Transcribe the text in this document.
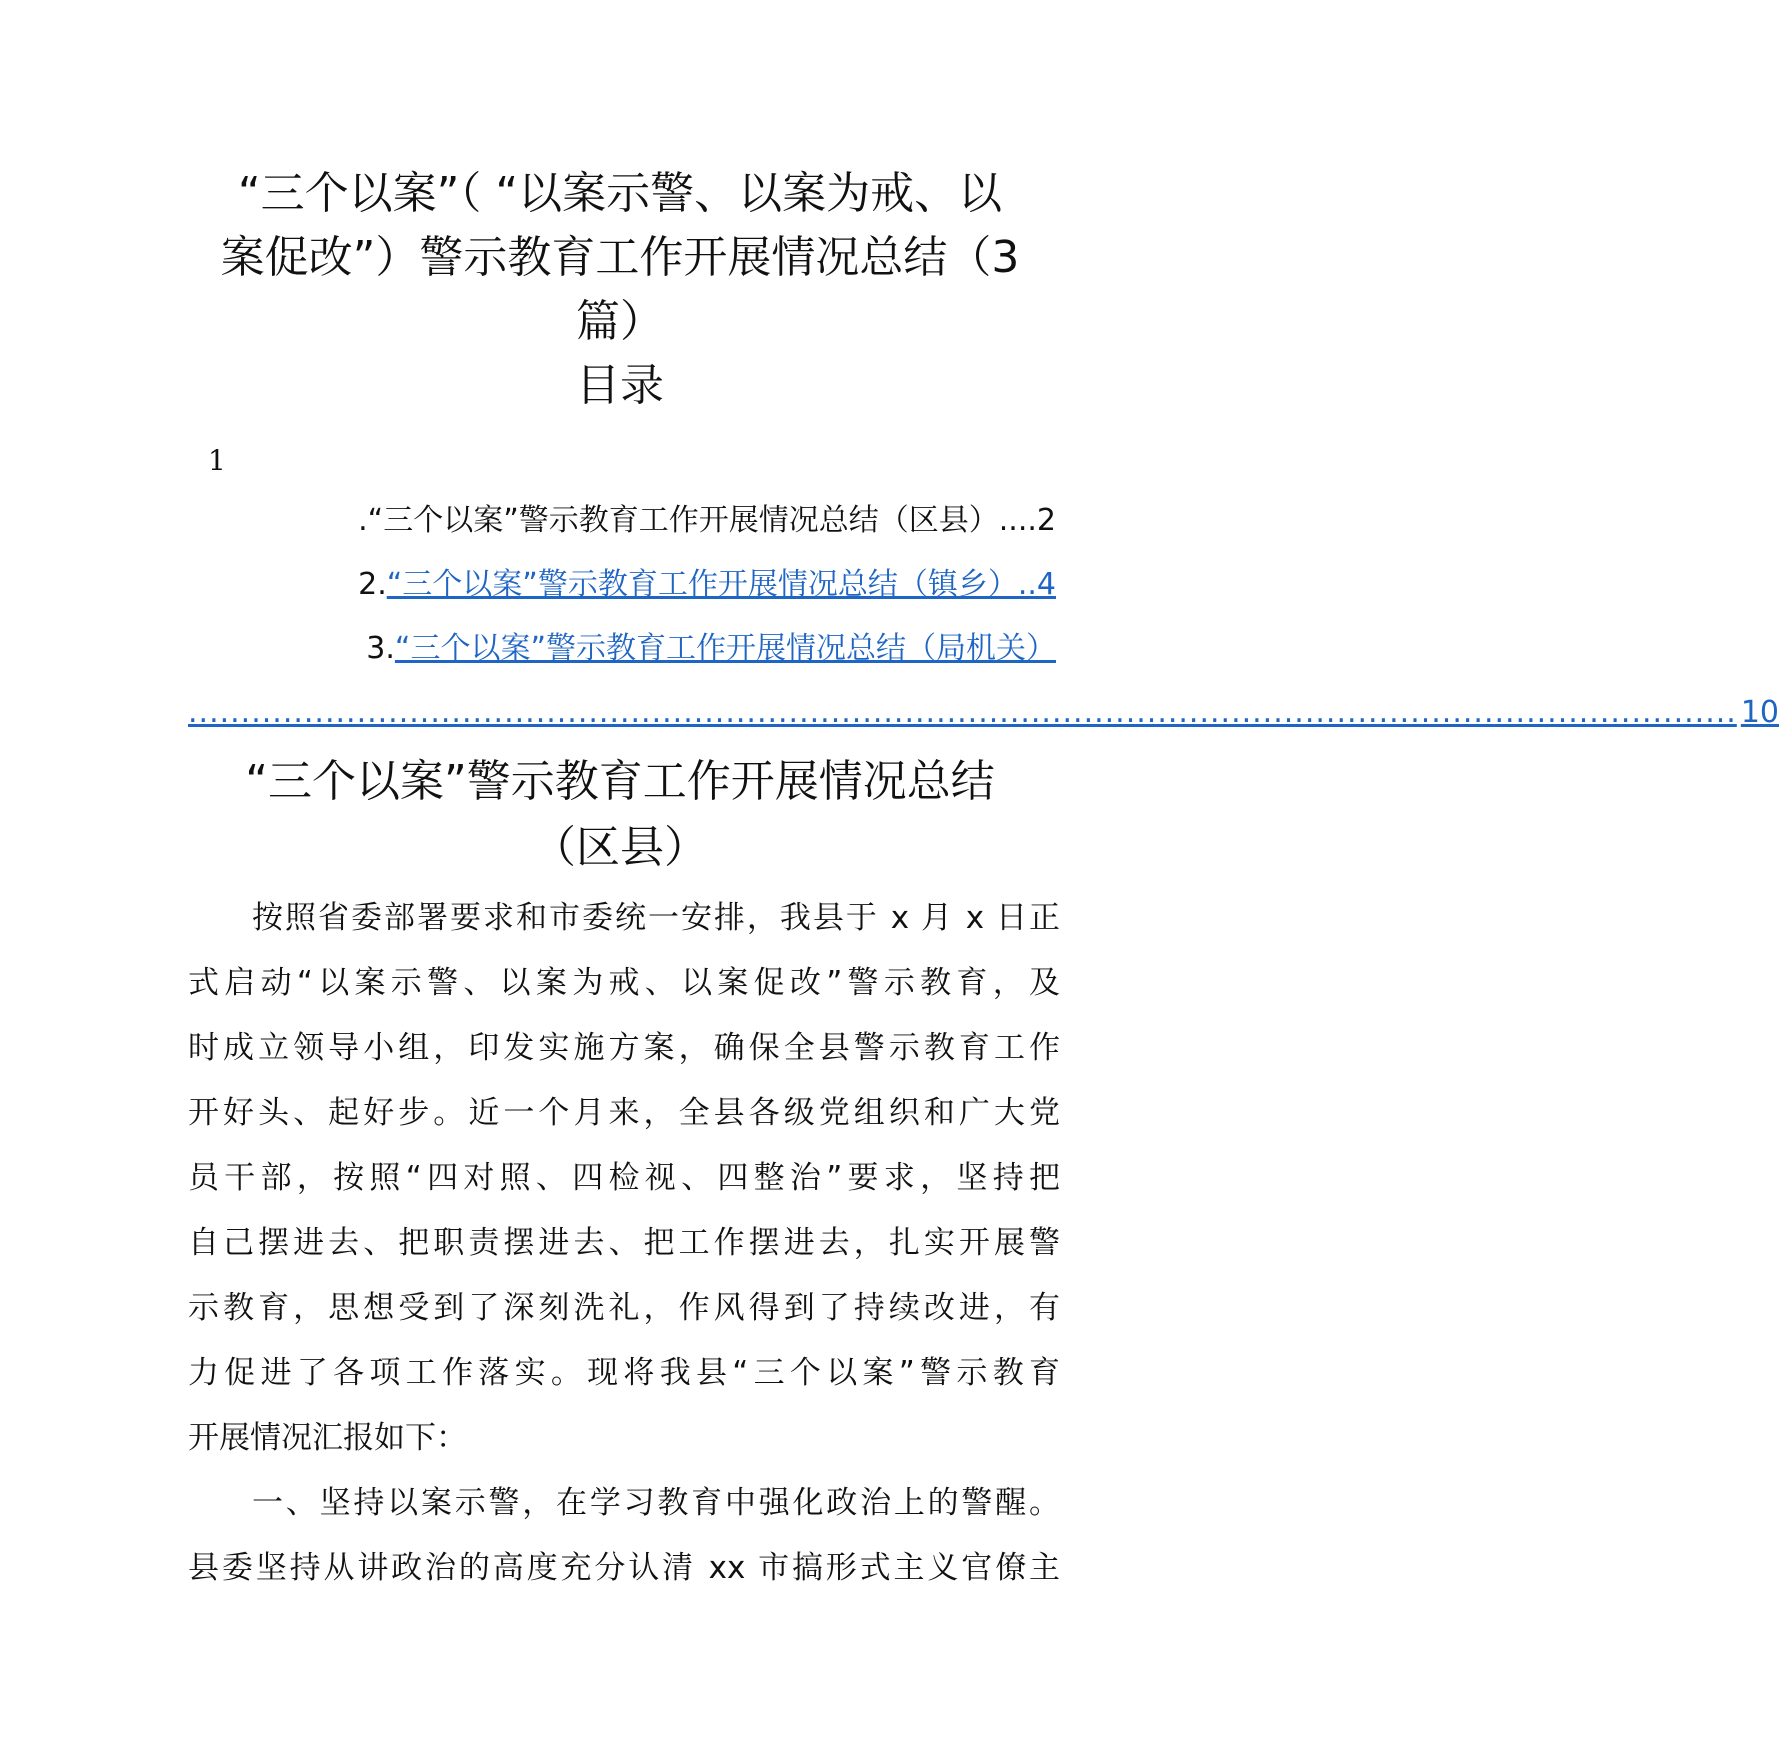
“三个以案”（ “以案示警、以案为戒、以
案促改”）警示教育工作开展情况总结（3
篇）
目录
1
.“三个以案”警示教育工作开展情况总结（区县）....2
2.“三个以案”警示教育工作开展情况总结（镇乡）..4
3.“三个以案”警示教育工作开展情况总结（局机关）
................................................................................................................................................... 10
“三个以案”警示教育工作开展情况总结
（区县）
按照省委部署要求和市委统一安排，我县于 x 月 x 日正
式启动“以案示警、以案为戒、以案促改”警示教育，及
时成立领导小组，印发实施方案，确保全县警示教育工作
开好头、起好步。近一个月来，全县各级党组织和广大党
员干部，按照“四对照、四检视、四整治”要求，坚持把
自己摆进去、把职责摆进去、把工作摆进去，扎实开展警
示教育，思想受到了深刻洗礼，作风得到了持续改进，有
力促进了各项工作落实。现将我县“三个以案”警示教育
开展情况汇报如下：
一、坚持以案示警，在学习教育中强化政治上的警醒。
县委坚持从讲政治的高度充分认清 xx 市搞形式主义官僚主
